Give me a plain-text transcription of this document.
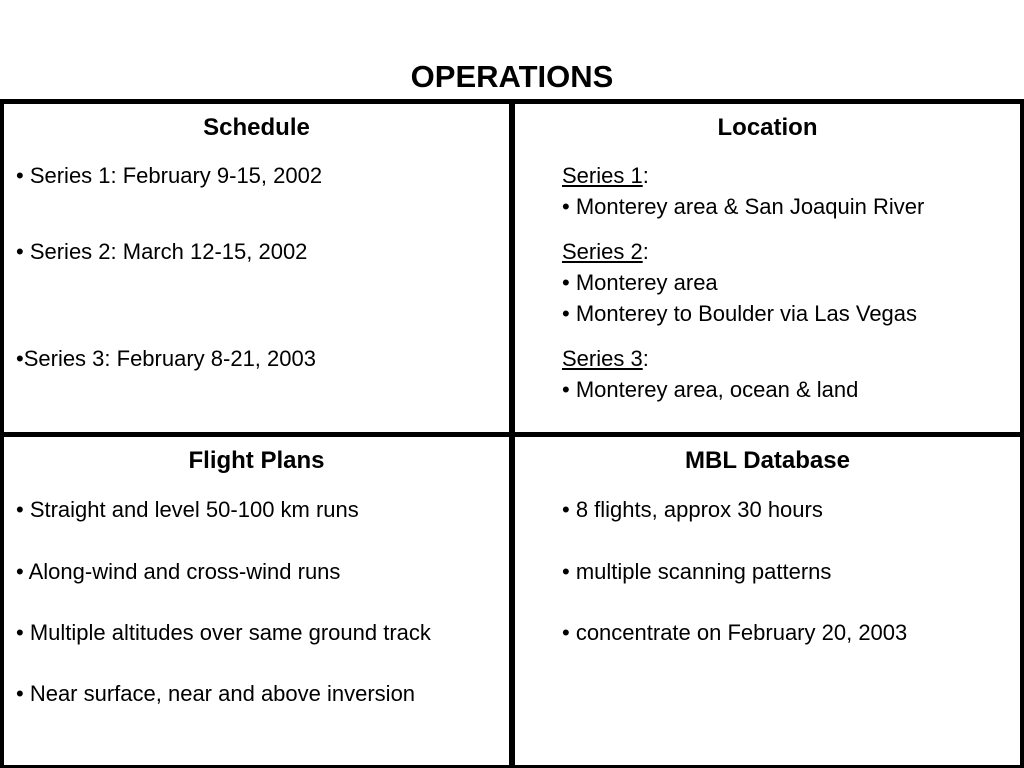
OPERATIONS
Schedule
• Series 1: February 9-15, 2002
• Series 2: March 12-15, 2002
•Series 3: February 8-21, 2003
Location
Series 1:
• Monterey area & San Joaquin River
Series 2:
• Monterey area
• Monterey to Boulder via Las Vegas
Series 3:
• Monterey area, ocean & land
Flight Plans
• Straight and level 50-100 km runs
• Along-wind and cross-wind runs
• Multiple altitudes over same ground track
• Near surface, near and above inversion
MBL Database
• 8 flights, approx 30 hours
• multiple scanning patterns
• concentrate on February 20, 2003
